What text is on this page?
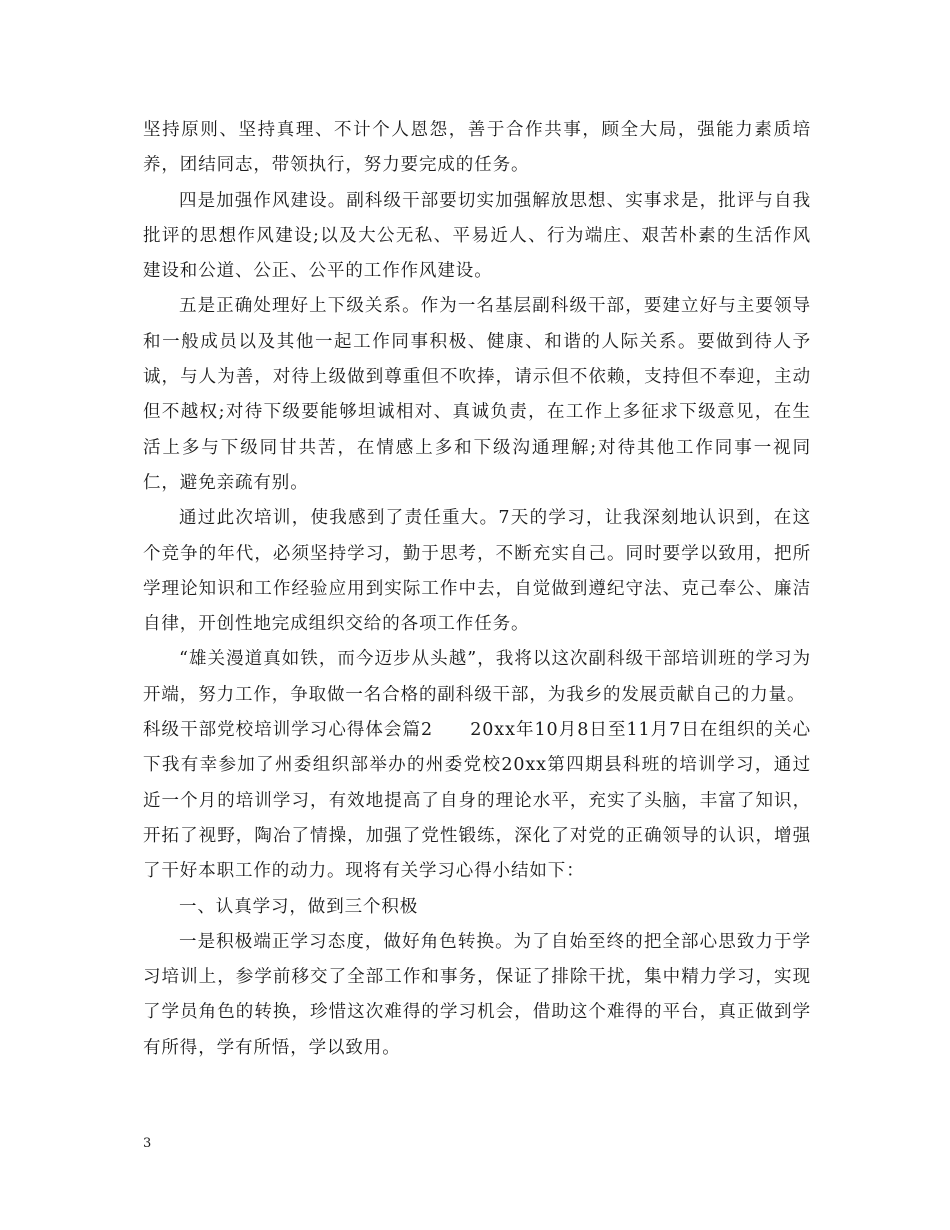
坚持原则、坚持真理、不计个人恩怨，善于合作共事，顾全大局，强能力素质培养，团结同志，带领执行，努力要完成的任务。

四是加强作风建设。副科级干部要切实加强解放思想、实事求是，批评与自我批评的思想作风建设;以及大公无私、平易近人、行为端庄、艰苦朴素的生活作风建设和公道、公正、公平的工作作风建设。

五是正确处理好上下级关系。作为一名基层副科级干部，要建立好与主要领导和一般成员以及其他一起工作同事积极、健康、和谐的人际关系。要做到待人予诚，与人为善，对待上级做到尊重但不吹捧，请示但不依赖，支持但不奉迎，主动但不越权;对待下级要能够坦诚相对、真诚负责，在工作上多征求下级意见，在生活上多与下级同甘共苦，在情感上多和下级沟通理解;对待其他工作同事一视同仁，避免亲疏有别。

通过此次培训，使我感到了责任重大。7天的学习，让我深刻地认识到，在这个竞争的年代，必须坚持学习，勤于思考，不断充实自己。同时要学以致用，把所学理论知识和工作经验应用到实际工作中去，自觉做到遵纪守法、克己奉公、廉洁自律，开创性地完成组织交给的各项工作任务。

“雄关漫道真如铁，而今迈步从头越”，我将以这次副科级干部培训班的学习为开端，努力工作，争取做一名合格的副科级干部，为我乡的发展贡献自己的力量。

科级干部党校培训学习心得体会篇2　　20xx年10月8日至11月7日在组织的关心下我有幸参加了州委组织部举办的州委党校20xx第四期县科班的培训学习，通过近一个月的培训学习，有效地提高了自身的理论水平，充实了头脑，丰富了知识，开拓了视野，陶冶了情操，加强了党性锻练，深化了对党的正确领导的认识，增强了干好本职工作的动力。现将有关学习心得小结如下：

一、认真学习，做到三个积极

一是积极端正学习态度，做好角色转换。为了自始至终的把全部心思致力于学习培训上，参学前移交了全部工作和事务，保证了排除干扰，集中精力学习，实现了学员角色的转换，珍惜这次难得的学习机会，借助这个难得的平台，真正做到学有所得，学有所悟，学以致用。

3
